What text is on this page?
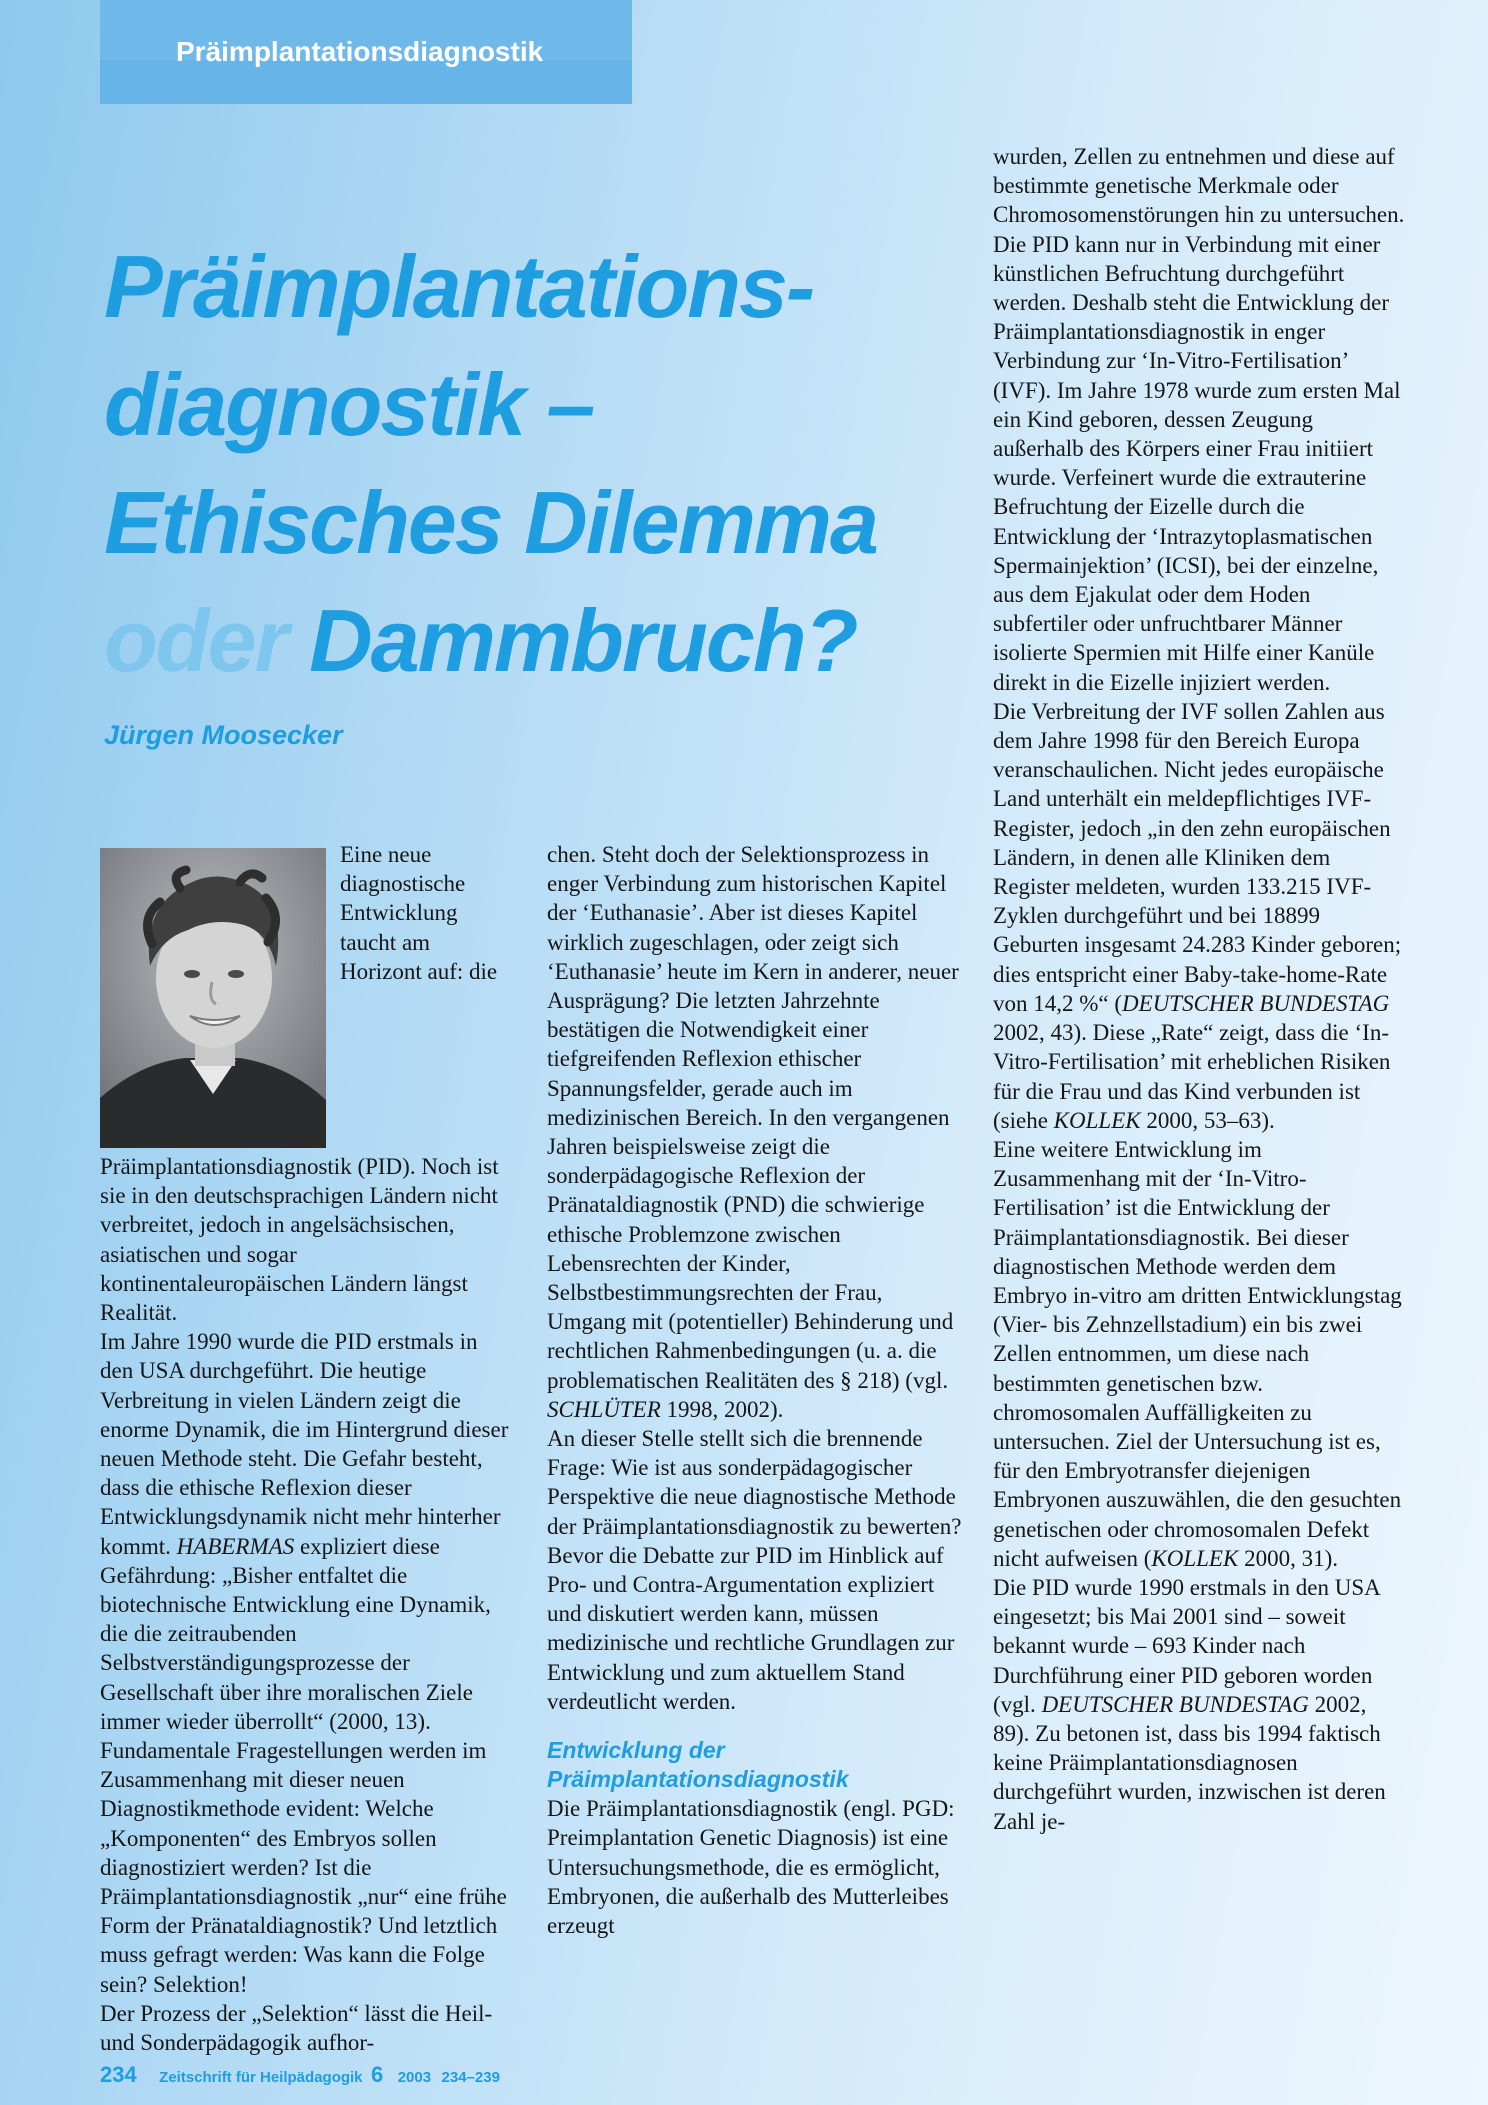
Präimplantationsdiagnostik
Präimplantations-
diagnostik –
Ethisches Dilemma
oder Dammbruch?
Jürgen Moosecker

Eine neue diagnostische Entwicklung taucht am Horizont auf: die Präimplantationsdiagnostik (PID). Noch ist sie in den deutschsprachigen Ländern nicht verbreitet, jedoch in angelsächsischen, asiatischen und sogar kontinentaleuropäischen Ländern längst Realität.

Im Jahre 1990 wurde die PID erstmals in den USA durchgeführt. Die heutige Verbreitung in vielen Ländern zeigt die enorme Dynamik, die im Hintergrund dieser neuen Methode steht. Die Gefahr besteht, dass die ethische Reflexion dieser Entwicklungsdynamik nicht mehr hinterher kommt. HABERMAS expliziert diese Gefährdung: „Bisher entfaltet die biotechnische Entwicklung eine Dynamik, die die zeitraubenden Selbstverständigungsprozesse der Gesellschaft über ihre moralischen Ziele immer wieder überrollt“ (2000, 13). Fundamentale Fragestellungen werden im Zusammenhang mit dieser neuen Diagnostikmethode evident: Welche „Komponenten“ des Embryos sollen diagnostiziert werden? Ist die Präimplantationsdiagnostik „nur“ eine frühe Form der Pränataldiagnostik? Und letztlich muss gefragt werden: Was kann die Folge sein? Selektion!

Der Prozess der „Selektion“ lässt die Heil- und Sonderpädagogik aufhor-

chen. Steht doch der Selektionsprozess in enger Verbindung zum historischen Kapitel der ‘Euthanasie’. Aber ist dieses Kapitel wirklich zugeschlagen, oder zeigt sich ‘Euthanasie’ heute im Kern in anderer, neuer Ausprägung? Die letzten Jahrzehnte bestätigen die Notwendigkeit einer tiefgreifenden Reflexion ethischer Spannungsfelder, gerade auch im medizinischen Bereich. In den vergangenen Jahren beispielsweise zeigt die sonderpädagogische Reflexion der Pränataldiagnostik (PND) die schwierige ethische Problemzone zwischen Lebensrechten der Kinder, Selbstbestimmungsrechten der Frau, Umgang mit (potentieller) Behinderung und rechtlichen Rahmenbedingungen (u. a. die problematischen Realitäten des § 218) (vgl. SCHLÜTER 1998, 2002).

An dieser Stelle stellt sich die brennende Frage: Wie ist aus sonderpädagogischer Perspektive die neue diagnostische Methode der Präimplantationsdiagnostik zu bewerten? Bevor die Debatte zur PID im Hinblick auf Pro- und Contra-Argumentation expliziert und diskutiert werden kann, müssen medizinische und rechtliche Grundlagen zur Entwicklung und zum aktuellem Stand verdeutlicht werden.

Entwicklung der Präimplantationsdiagnostik

Die Präimplantationsdiagnostik (engl. PGD: Preimplantation Genetic Diagnosis) ist eine Untersuchungsmethode, die es ermöglicht, Embryonen, die außerhalb des Mutterleibes erzeugt

wurden, Zellen zu entnehmen und diese auf bestimmte genetische Merkmale oder Chromosomenstörungen hin zu untersuchen.

Die PID kann nur in Verbindung mit einer künstlichen Befruchtung durchgeführt werden. Deshalb steht die Entwicklung der Präimplantationsdiagnostik in enger Verbindung zur ‘In-Vitro-Fertilisation’ (IVF). Im Jahre 1978 wurde zum ersten Mal ein Kind geboren, dessen Zeugung außerhalb des Körpers einer Frau initiiert wurde. Verfeinert wurde die extrauterine Befruchtung der Eizelle durch die Entwicklung der ‘Intrazytoplasmatischen Spermainjektion’ (ICSI), bei der einzelne, aus dem Ejakulat oder dem Hoden subfertiler oder unfruchtbarer Männer isolierte Spermien mit Hilfe einer Kanüle direkt in die Eizelle injiziert werden.

Die Verbreitung der IVF sollen Zahlen aus dem Jahre 1998 für den Bereich Europa veranschaulichen. Nicht jedes europäische Land unterhält ein meldepflichtiges IVF-Register, jedoch „in den zehn europäischen Ländern, in denen alle Kliniken dem Register meldeten, wurden 133.215 IVF-Zyklen durchgeführt und bei 18899 Geburten insgesamt 24.283 Kinder geboren; dies entspricht einer Baby-take-home-Rate von 14,2 %“ (DEUTSCHER BUNDESTAG 2002, 43). Diese „Rate“ zeigt, dass die ‘In-Vitro-Fertilisation’ mit erheblichen Risiken für die Frau und das Kind verbunden ist (siehe KOLLEK 2000, 53–63).

Eine weitere Entwicklung im Zusammenhang mit der ‘In-Vitro-Fertilisation’ ist die Entwicklung der Präimplantationsdiagnostik. Bei dieser diagnostischen Methode werden dem Embryo in-vitro am dritten Entwicklungstag (Vier- bis Zehnzellstadium) ein bis zwei Zellen entnommen, um diese nach bestimmten genetischen bzw. chromosomalen Auffälligkeiten zu untersuchen. Ziel der Untersuchung ist es, für den Embryotransfer diejenigen Embryonen auszuwählen, die den gesuchten genetischen oder chromosomalen Defekt nicht aufweisen (KOLLEK 2000, 31).

Die PID wurde 1990 erstmals in den USA eingesetzt; bis Mai 2001 sind – soweit bekannt wurde – 693 Kinder nach Durchführung einer PID geboren worden (vgl. DEUTSCHER BUNDESTAG 2002, 89). Zu betonen ist, dass bis 1994 faktisch keine Präimplantationsdiagnosen durchgeführt wurden, inzwischen ist deren Zahl je-

234 Zeitschrift für Heilpädagogik 6 2003 234–239
